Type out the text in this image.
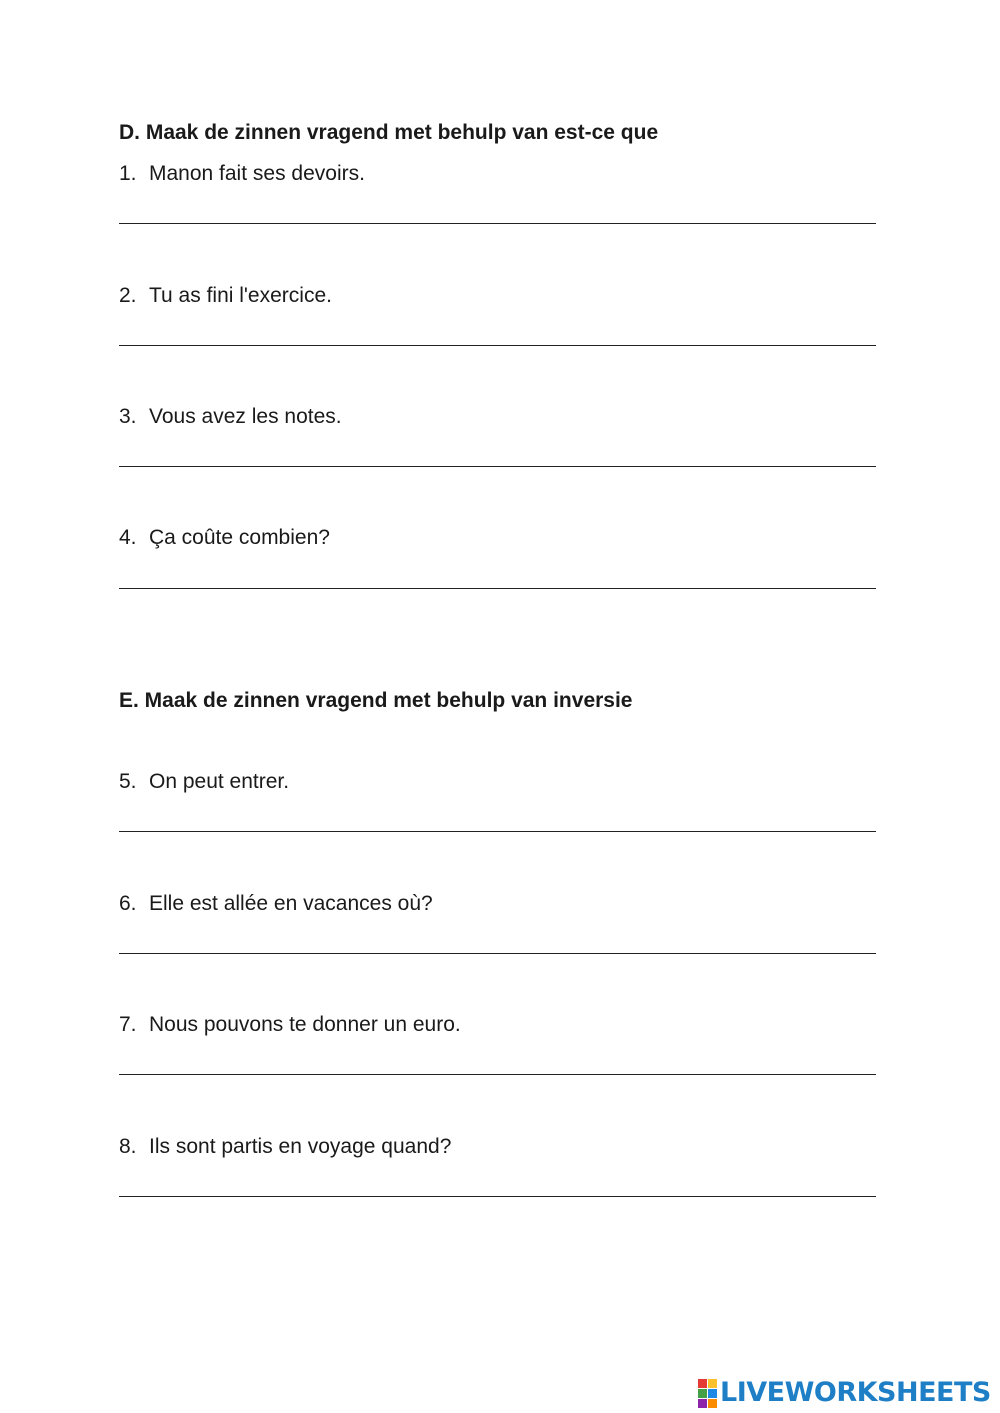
D. Maak de zinnen vragend met behulp van est-ce que
1. Manon fait ses devoirs.
2. Tu as fini l'exercice.
3. Vous avez les notes.
4. Ça coûte combien?
E. Maak de zinnen vragend met behulp van inversie
5. On peut entrer.
6. Elle est allée en vacances où?
7. Nous pouvons te donner un euro.
8. Ils sont partis en voyage quand?
LIVEWORKSHEETS
